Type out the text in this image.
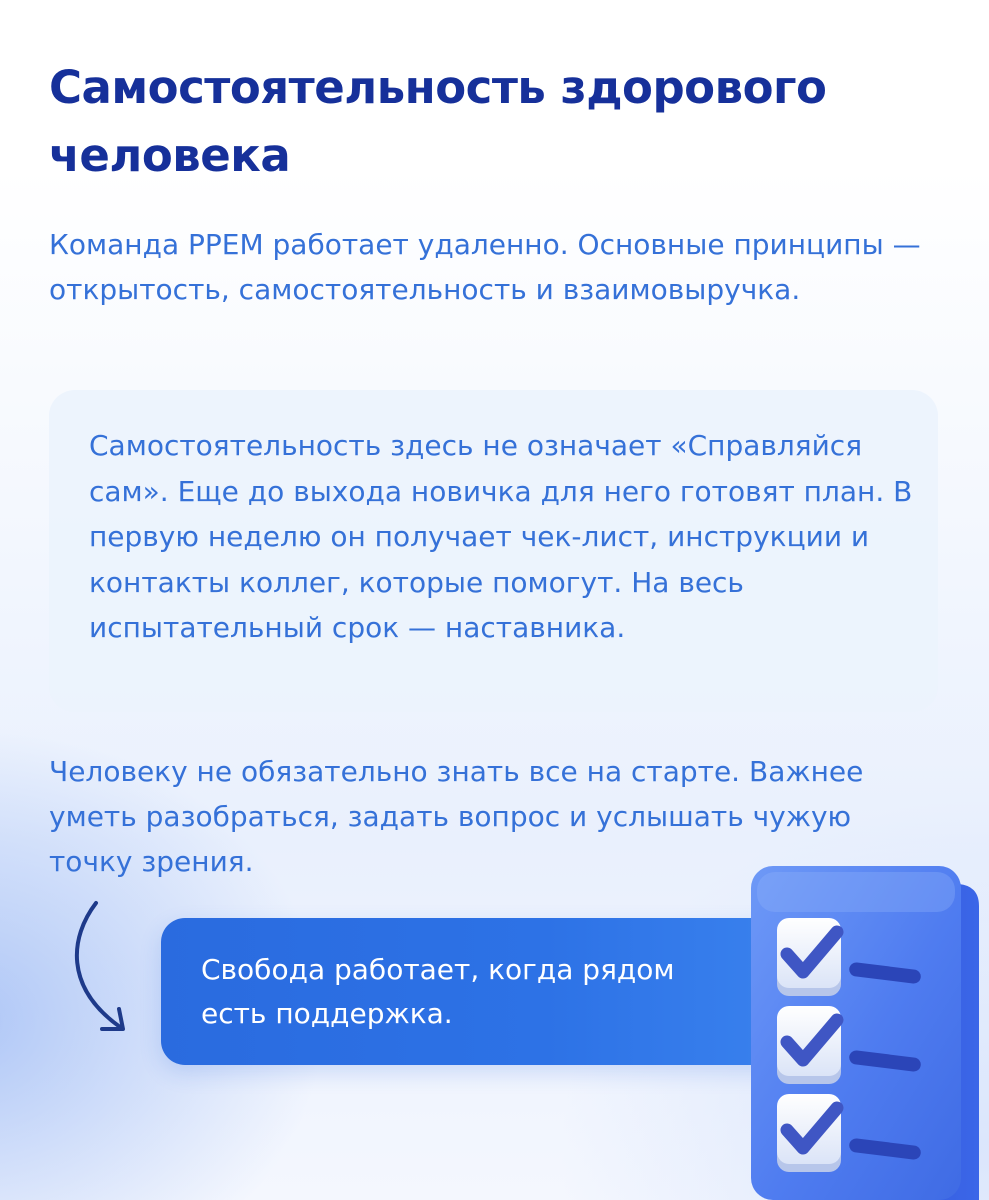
Самостоятельность здорового человека

Команда PPEM работает удаленно. Основные принципы — открытость, самостоятельность и взаимовыручка.

Самостоятельность здесь не означает «Справляйся сам». Еще до выхода новичка для него готовят план. В первую неделю он получает чек-лист, инструкции и контакты коллег, которые помогут. На весь испытательный срок — наставника.

Человеку не обязательно знать все на старте. Важнее уметь разобраться, задать вопрос и услышать чужую точку зрения.

Свобода работает, когда рядом есть поддержка.
